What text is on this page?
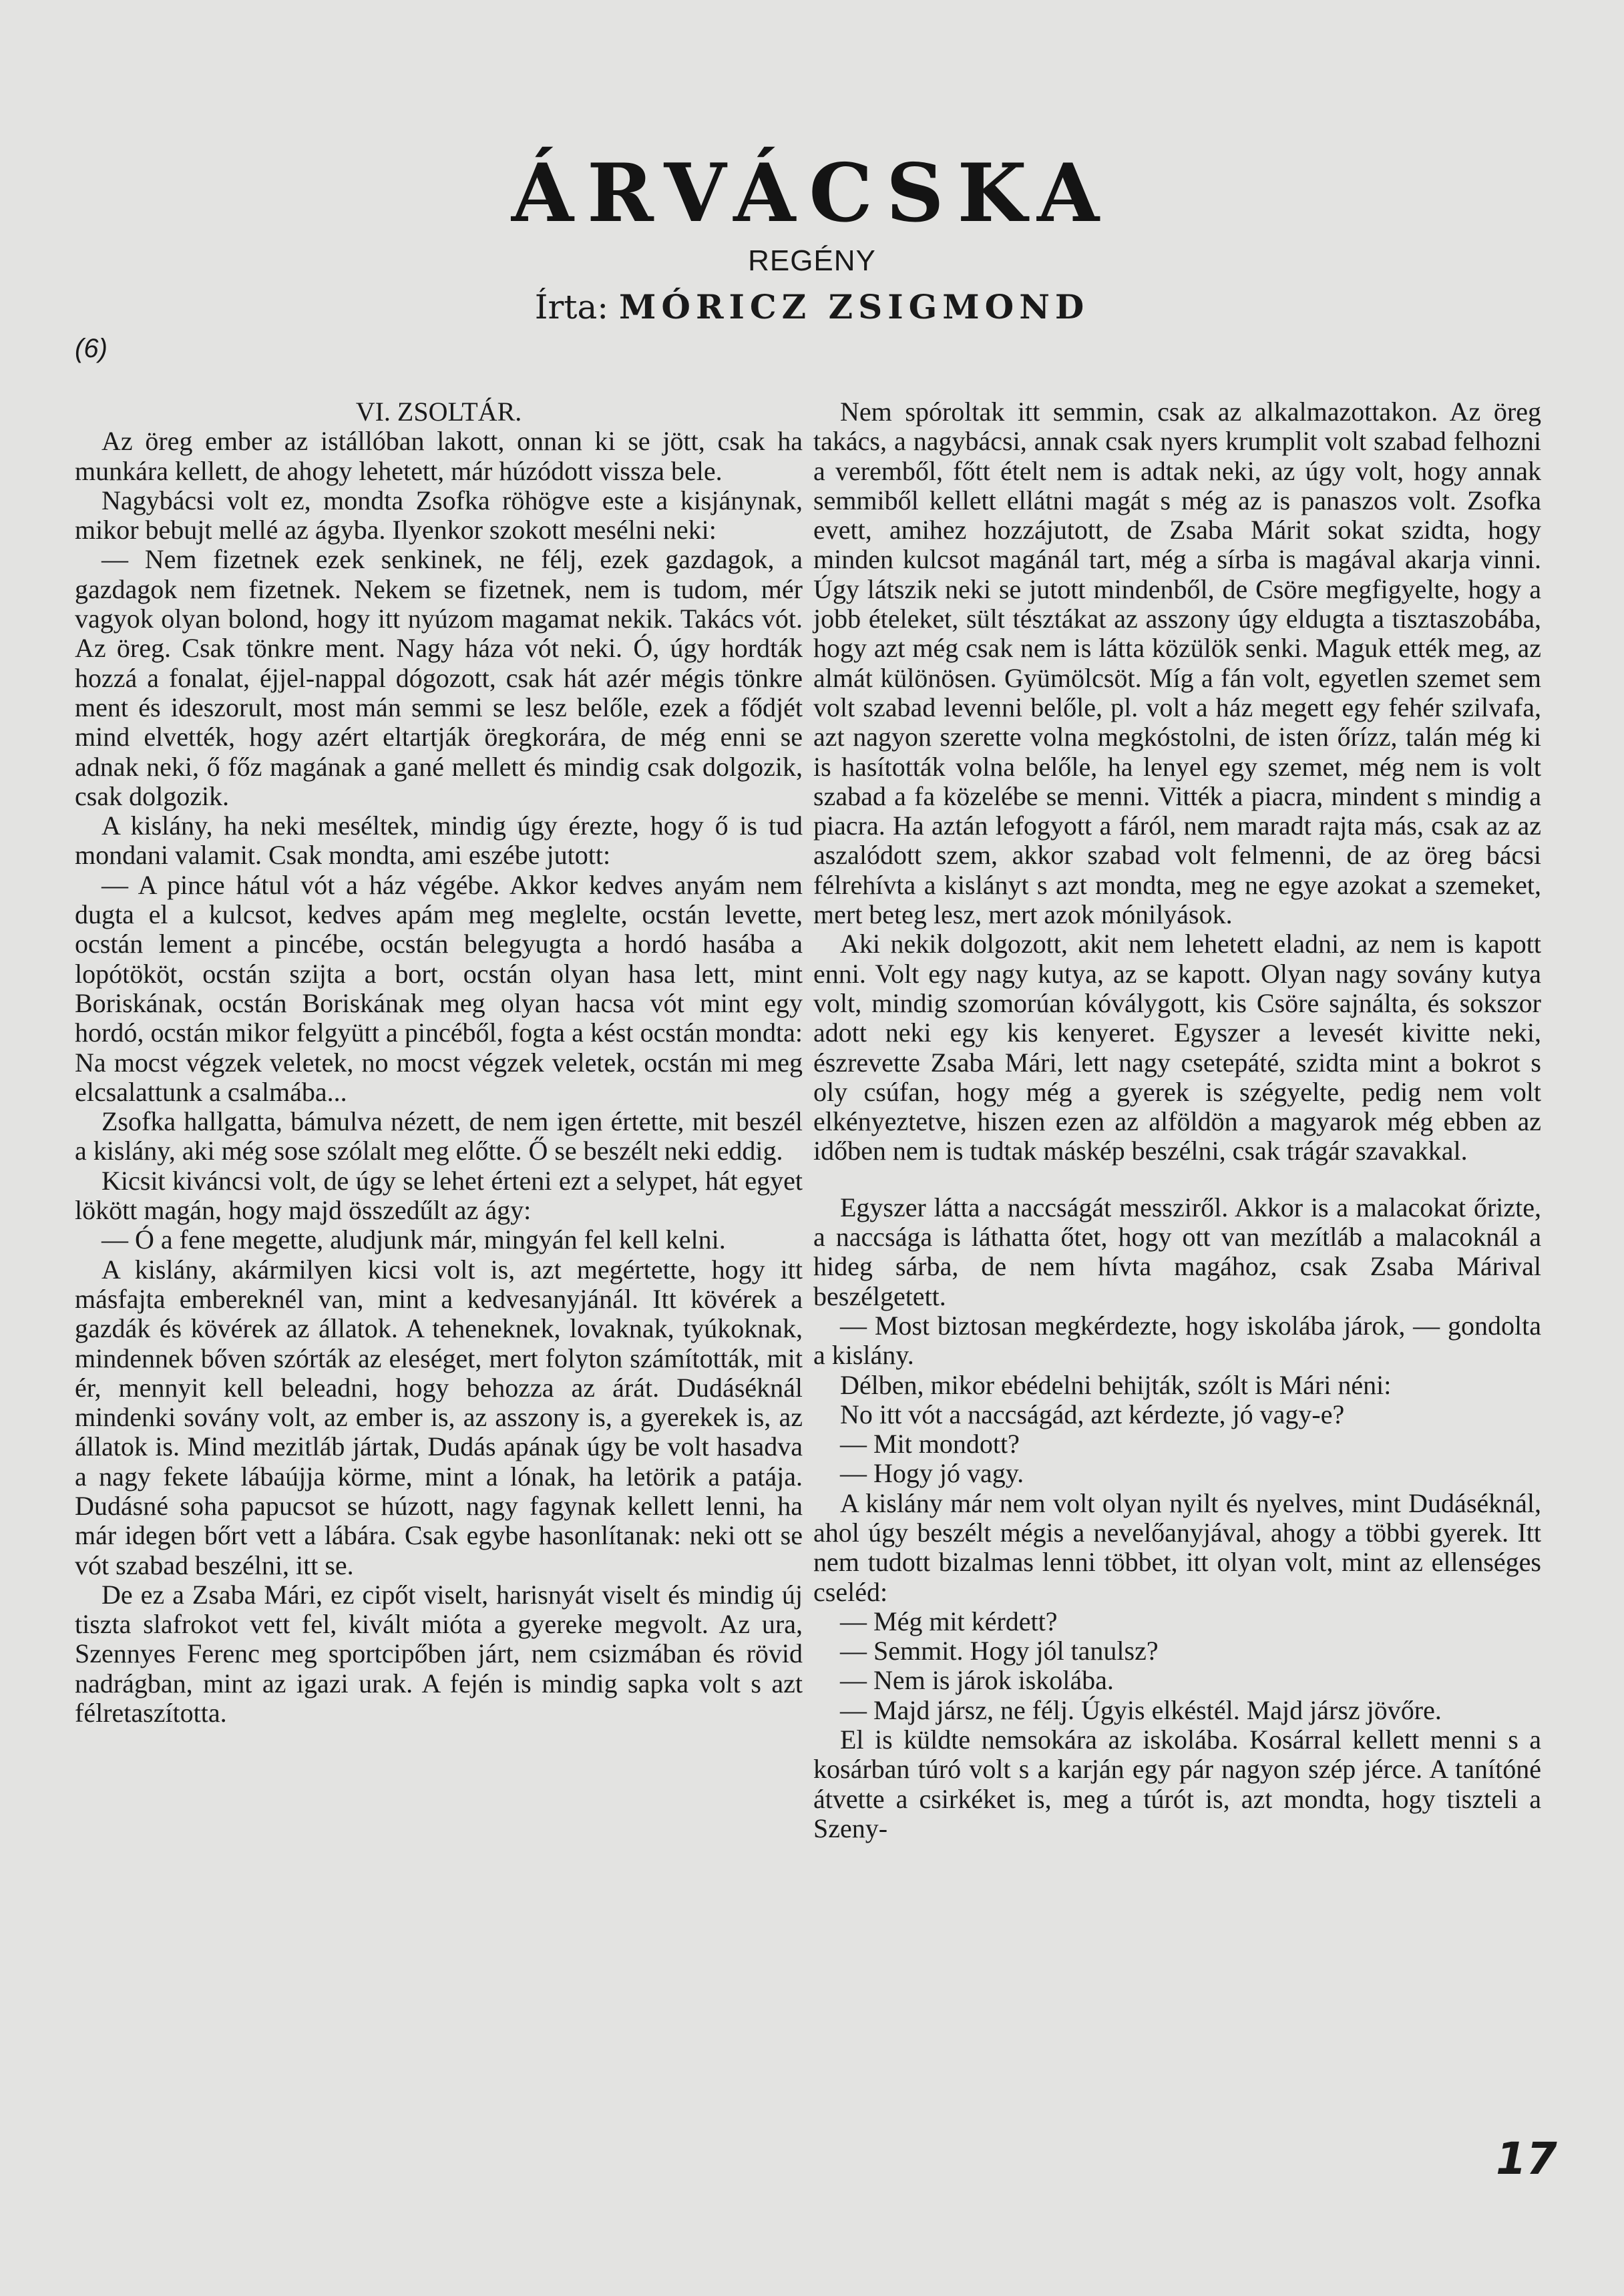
ÁRVÁCSKA
REGÉNY
Írta: MÓRICZ ZSIGMOND
(6)

VI. ZSOLTÁR.

Az öreg ember az istállóban lakott, onnan ki se jött, csak ha munkára kellett, de ahogy lehetett, már húzódott vissza bele.

Nagybácsi volt ez, mondta Zsofka röhögve este a kisjánynak, mikor bebujt mellé az ágyba. Ilyenkor szokott mesélni neki:

— Nem fizetnek ezek senkinek, ne félj, ezek gazdagok, a gazdagok nem fizetnek. Nekem se fizetnek, nem is tudom, mér vagyok olyan bolond, hogy itt nyúzom magamat nekik. Takács vót. Az öreg. Csak tönkre ment. Nagy háza vót neki. Ó, úgy hordták hozzá a fonalat, éjjel-nappal dógozott, csak hát azér mégis tönkre ment és ideszorult, most mán semmi se lesz belőle, ezek a fődjét mind elvették, hogy azért eltartják öregkorára, de még enni se adnak neki, ő főz magának a gané mellett és mindig csak dolgozik, csak dolgozik.

A kislány, ha neki meséltek, mindig úgy érezte, hogy ő is tud mondani valamit. Csak mondta, ami eszébe jutott:

— A pince hátul vót a ház végébe. Akkor kedves anyám nem dugta el a kulcsot, kedves apám meg meglelte, ocstán levette, ocstán lement a pincébe, ocstán belegyugta a hordó hasába a lopótököt, ocstán szijta a bort, ocstán olyan hasa lett, mint Boriskának, ocstán Boriskának meg olyan hacsa vót mint egy hordó, ocstán mikor felgyütt a pincéből, fogta a kést ocstán mondta: Na mocst végzek veletek, no mocst végzek veletek, ocstán mi meg elcsalattunk a csalmába...

Zsofka hallgatta, bámulva nézett, de nem igen értette, mit beszél a kislány, aki még sose szólalt meg előtte. Ő se beszélt neki eddig.

Kicsit kiváncsi volt, de úgy se lehet érteni ezt a selypet, hát egyet lökött magán, hogy majd összedűlt az ágy:

— Ó a fene megette, aludjunk már, mingyán fel kell kelni.

A kislány, akármilyen kicsi volt is, azt megértette, hogy itt másfajta embereknél van, mint a kedvesanyjánál. Itt kövérek a gazdák és kövérek az állatok. A teheneknek, lovaknak, tyúkoknak, mindennek bőven szórták az eleséget, mert folyton számították, mit ér, mennyit kell beleadni, hogy behozza az árát. Dudáséknál mindenki sovány volt, az ember is, az asszony is, a gyerekek is, az állatok is. Mind mezitláb jártak, Dudás apának úgy be volt hasadva a nagy fekete lábaújja körme, mint a lónak, ha letörik a patája. Dudásné soha papucsot se húzott, nagy fagynak kellett lenni, ha már idegen bőrt vett a lábára. Csak egybe hasonlítanak: neki ott se vót szabad beszélni, itt se.

De ez a Zsaba Mári, ez cipőt viselt, harisnyát viselt és mindig új tiszta slafrokot vett fel, kivált mióta a gyereke megvolt. Az ura, Szennyes Ferenc meg sportcipőben járt, nem csizmában és rövid nadrágban, mint az igazi urak. A fején is mindig sapka volt s azt félretaszította.

Nem spóroltak itt semmin, csak az alkalmazottakon. Az öreg takács, a nagybácsi, annak csak nyers krumplit volt szabad felhozni a veremből, főtt ételt nem is adtak neki, az úgy volt, hogy annak semmiből kellett ellátni magát s még az is panaszos volt. Zsofka evett, amihez hozzájutott, de Zsaba Márit sokat szidta, hogy minden kulcsot magánál tart, még a sírba is magával akarja vinni. Úgy látszik neki se jutott mindenből, de Csöre megfigyelte, hogy a jobb ételeket, sült tésztákat az asszony úgy eldugta a tisztaszobába, hogy azt még csak nem is látta közülök senki. Maguk ették meg, az almát különösen. Gyümölcsöt. Míg a fán volt, egyetlen szemet sem volt szabad levenni belőle, pl. volt a ház megett egy fehér szilvafa, azt nagyon szerette volna megkóstolni, de isten őrízz, talán még ki is hasították volna belőle, ha lenyel egy szemet, még nem is volt szabad a fa közelébe se menni. Vitték a piacra, mindent s mindig a piacra. Ha aztán lefogyott a fáról, nem maradt rajta más, csak az az aszalódott szem, akkor szabad volt felmenni, de az öreg bácsi félrehívta a kislányt s azt mondta, meg ne egye azokat a szemeket, mert beteg lesz, mert azok mónilyások.

Aki nekik dolgozott, akit nem lehetett eladni, az nem is kapott enni. Volt egy nagy kutya, az se kapott. Olyan nagy sovány kutya volt, mindig szomorúan kóválygott, kis Csöre sajnálta, és sokszor adott neki egy kis kenyeret. Egyszer a levesét kivitte neki, észrevette Zsaba Mári, lett nagy csetepáté, szidta mint a bokrot s oly csúfan, hogy még a gyerek is szégyelte, pedig nem volt elkényeztetve, hiszen ezen az alföldön a magyarok még ebben az időben nem is tudtak máskép beszélni, csak trágár szavakkal.

Egyszer látta a naccságát messziről. Akkor is a malacokat őrizte, a naccsága is láthatta őtet, hogy ott van mezítláb a malacoknál a hideg sárba, de nem hívta magához, csak Zsaba Márival beszélgetett.

— Most biztosan megkérdezte, hogy iskolába járok, — gondolta a kislány.

Délben, mikor ebédelni behijták, szólt is Mári néni:

No itt vót a naccságád, azt kérdezte, jó vagy-e?

— Mit mondott?

— Hogy jó vagy.

A kislány már nem volt olyan nyilt és nyelves, mint Dudáséknál, ahol úgy beszélt mégis a nevelőanyjával, ahogy a többi gyerek. Itt nem tudott bizalmas lenni többet, itt olyan volt, mint az ellenséges cseléd:

— Még mit kérdett?

— Semmit. Hogy jól tanulsz?

— Nem is járok iskolába.

— Majd jársz, ne félj. Úgyis elkéstél. Majd jársz jövőre.

El is küldte nemsokára az iskolába. Kosárral kellett menni s a kosárban túró volt s a karján egy pár nagyon szép jérce. A tanítóné átvette a csirkéket is, meg a túrót is, azt mondta, hogy tiszteli a Szeny-

17
